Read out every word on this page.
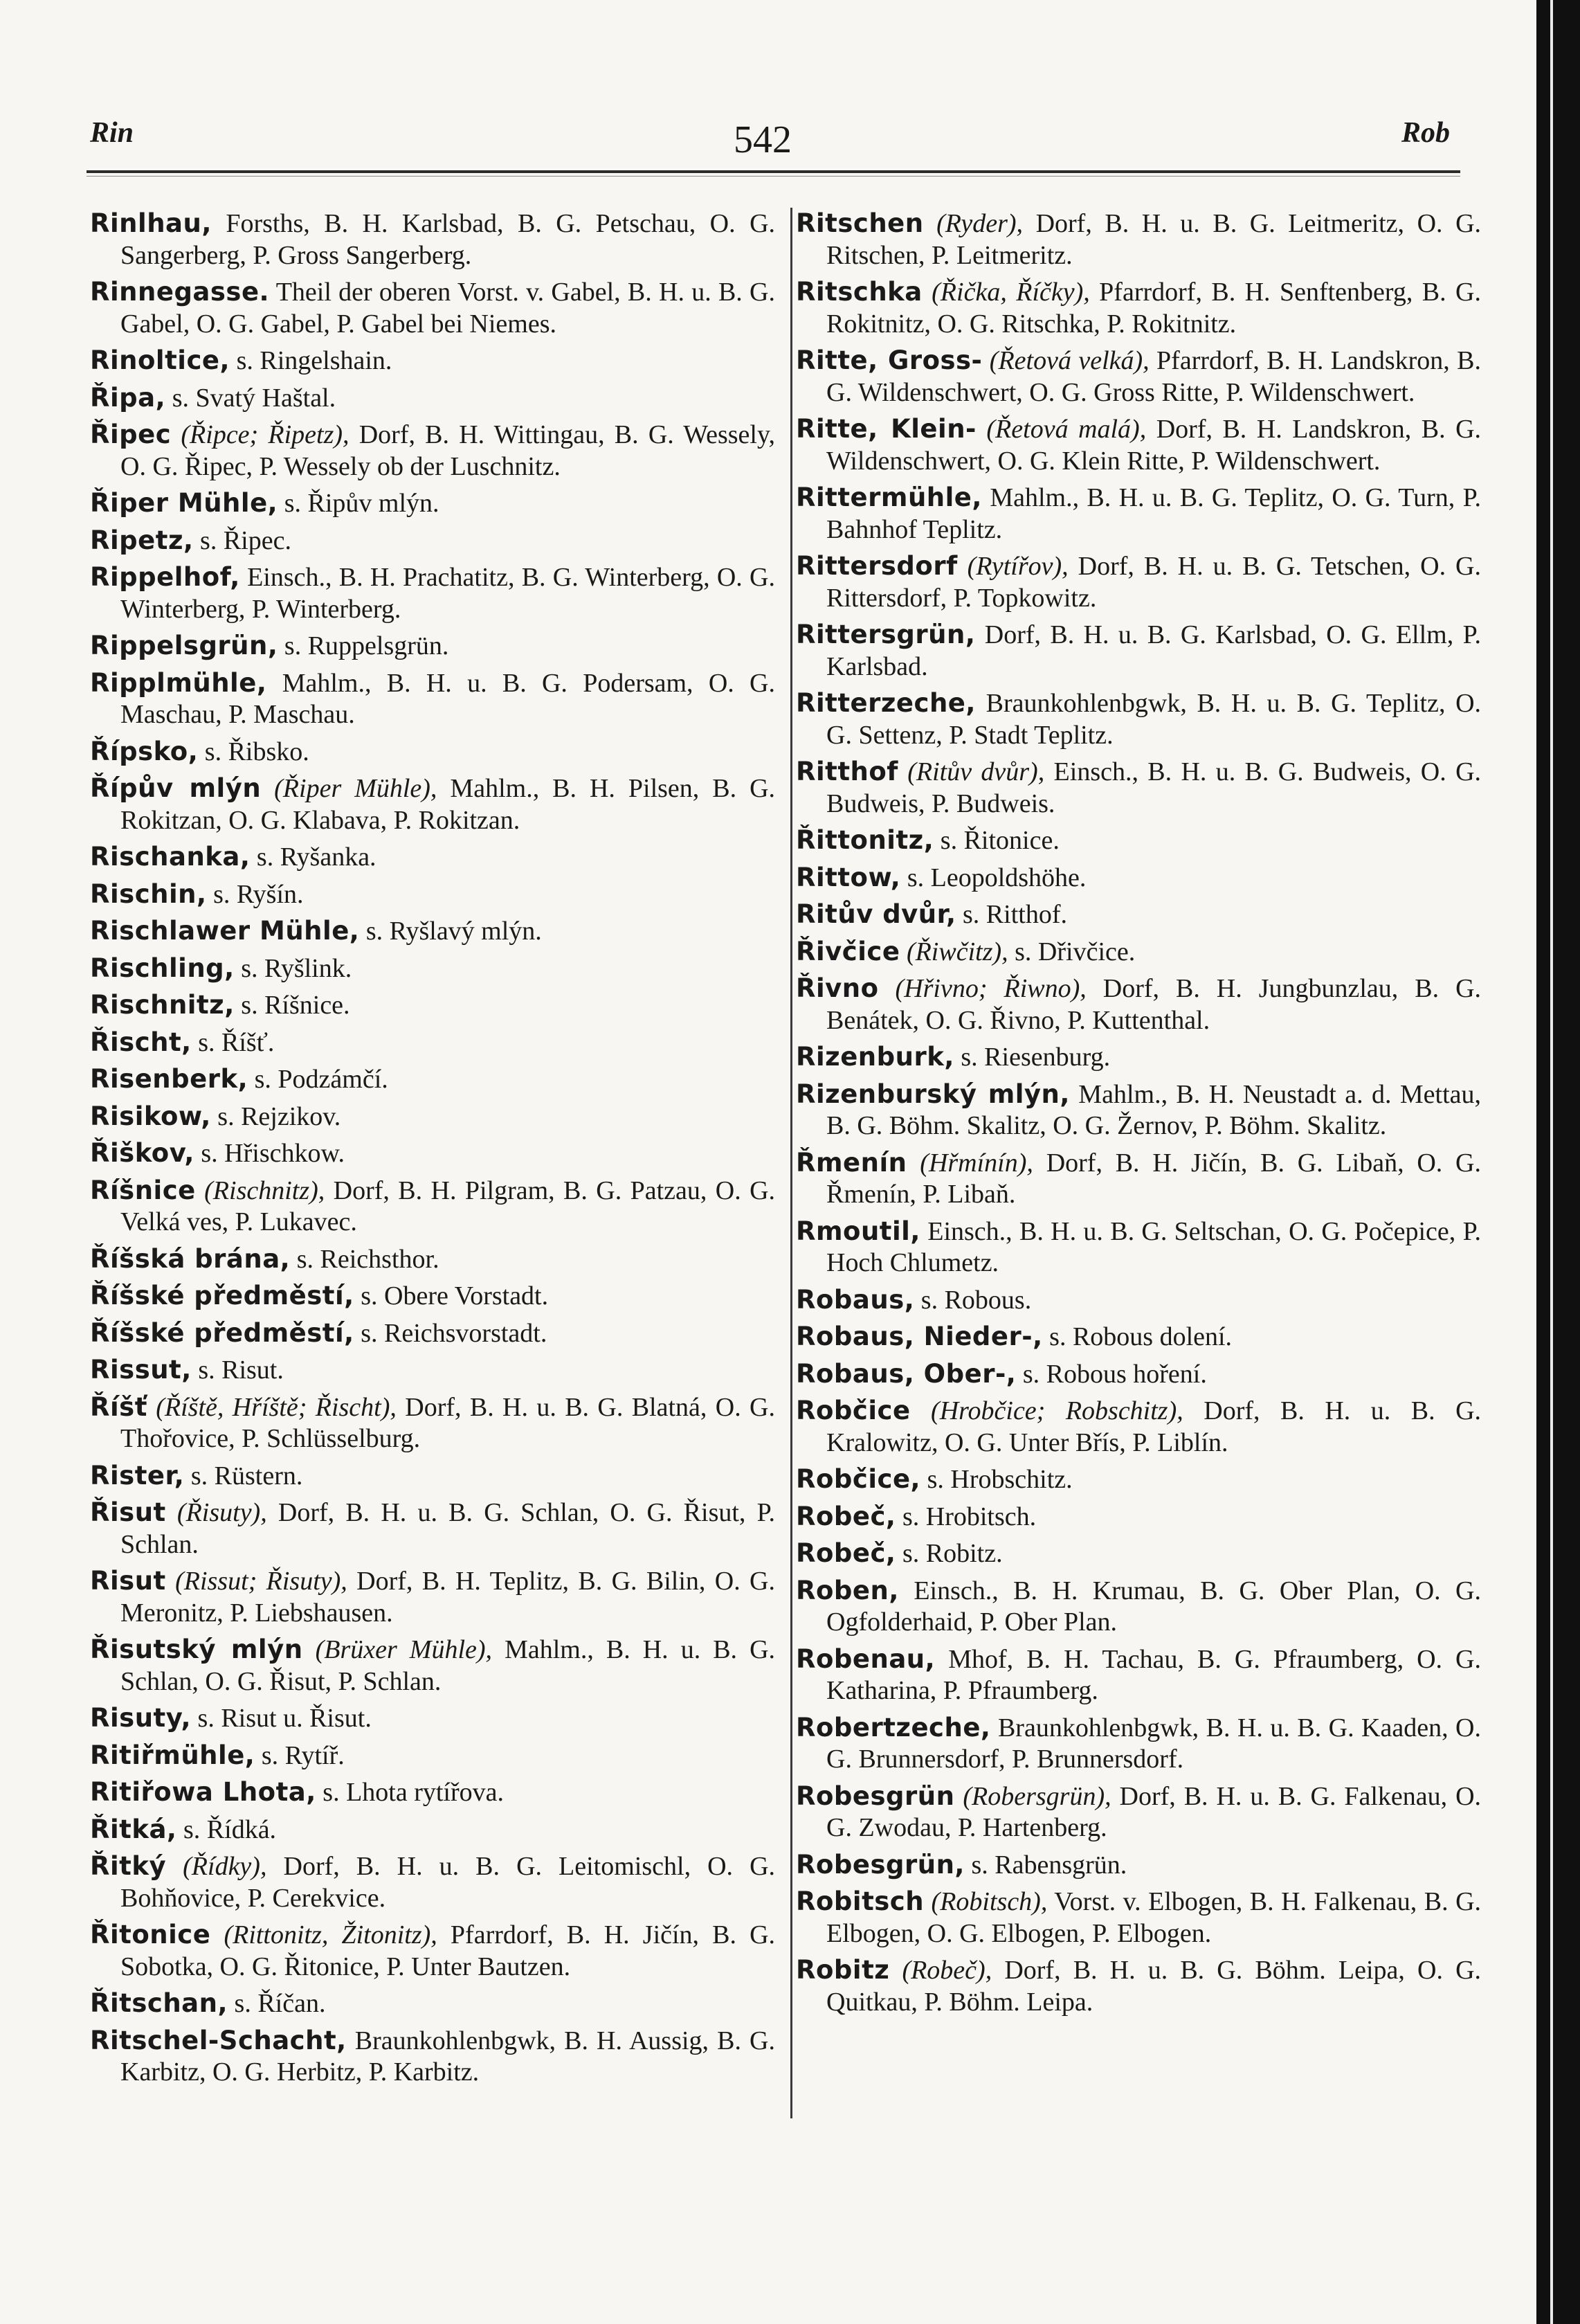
Rin	542	Rob

Rinlhau, Forsths, B. H. Karlsbad, B. G. Petschau, O. G. Sangerberg, P. Gross Sangerberg.

Rinnegasse. Theil der oberen Vorst. v. Gabel, B. H. u. B. G. Gabel, O. G. Gabel, P. Gabel bei Niemes.

Rinoltice, s. Ringelshain.

Řipa, s. Svatý Haštal.

Řipec (Řipce; Řipetz), Dorf, B. H. Wittingau, B. G. Wessely, O. G. Řipec, P. Wessely ob der Luschnitz.

Řiper Mühle, s. Řipův mlýn.

Ripetz, s. Řipec.

Rippelhof, Einsch., B. H. Prachatitz, B. G. Winterberg, O. G. Winterberg, P. Winterberg.

Rippelsgrün, s. Ruppelsgrün.

Ripplmühle, Mahlm., B. H. u. B. G. Podersam, O. G. Maschau, P. Maschau.

Řípsko, s. Řibsko.

Řípův mlýn (Řiper Mühle), Mahlm., B. H. Pilsen, B. G. Rokitzan, O. G. Klabava, P. Rokitzan.

Rischanka, s. Ryšanka.

Rischin, s. Ryšín.

Rischlawer Mühle, s. Ryšlavý mlýn.

Rischling, s. Ryšlink.

Rischnitz, s. Ríšnice.

Řischt, s. Říšť.

Risenberk, s. Podzámčí.

Risikow, s. Rejzikov.

Řiškov, s. Hřischkow.

Ríšnice (Rischnitz), Dorf, B. H. Pilgram, B. G. Patzau, O. G. Velká ves, P. Lukavec.

Říšská brána, s. Reichsthor.

Říšské předměstí, s. Obere Vorstadt.

Říšské předměstí, s. Reichsvorstadt.

Rissut, s. Risut.

Říšť (Říště, Hříště; Řischt), Dorf, B. H. u. B. G. Blatná, O. G. Thořovice, P. Schlüsselburg.

Rister, s. Rüstern.

Řisut (Řisuty), Dorf, B. H. u. B. G. Schlan, O. G. Řisut, P. Schlan.

Risut (Rissut; Řisuty), Dorf, B. H. Teplitz, B. G. Bilin, O. G. Meronitz, P. Liebshausen.

Řisutský mlýn (Brüxer Mühle), Mahlm., B. H. u. B. G. Schlan, O. G. Řisut, P. Schlan.

Risuty, s. Risut u. Řisut.

Ritiřmühle, s. Rytíř.

Ritiřowa Lhota, s. Lhota rytířova.

Řitká, s. Řídká.

Řitký (Řídky), Dorf, B. H. u. B. G. Leitomischl, O. G. Bohňovice, P. Cerekvice.

Řitonice (Rittonitz, Žitonitz), Pfarrdorf, B. H. Jičín, B. G. Sobotka, O. G. Řitonice, P. Unter Bautzen.

Řitschan, s. Říčan.

Ritschel-Schacht, Braunkohlenbgwk, B. H. Aussig, B. G. Karbitz, O. G. Herbitz, P. Karbitz.

Ritschen (Ryder), Dorf, B. H. u. B. G. Leitmeritz, O. G. Ritschen, P. Leitmeritz.

Ritschka (Řička, Říčky), Pfarrdorf, B. H. Senftenberg, B. G. Rokitnitz, O. G. Ritschka, P. Rokitnitz.

Ritte, Gross- (Řetová velká), Pfarrdorf, B. H. Landskron, B. G. Wildenschwert, O. G. Gross Ritte, P. Wildenschwert.

Ritte, Klein- (Řetová malá), Dorf, B. H. Landskron, B. G. Wildenschwert, O. G. Klein Ritte, P. Wildenschwert.

Rittermühle, Mahlm., B. H. u. B. G. Teplitz, O. G. Turn, P. Bahnhof Teplitz.

Rittersdorf (Rytířov), Dorf, B. H. u. B. G. Tetschen, O. G. Rittersdorf, P. Topkowitz.

Rittersgrün, Dorf, B. H. u. B. G. Karlsbad, O. G. Ellm, P. Karlsbad.

Ritterzeche, Braunkohlenbgwk, B. H. u. B. G. Teplitz, O. G. Settenz, P. Stadt Teplitz.

Ritthof (Ritův dvůr), Einsch., B. H. u. B. G. Budweis, O. G. Budweis, P. Budweis.

Řittonitz, s. Řitonice.

Rittow, s. Leopoldshöhe.

Ritův dvůr, s. Ritthof.

Řivčice (Řiwčitz), s. Dřivčice.

Řivno (Hřivno; Řiwno), Dorf, B. H. Jungbunzlau, B. G. Benátek, O. G. Řivno, P. Kuttenthal.

Rizenburk, s. Riesenburg.

Rizenburský mlýn, Mahlm., B. H. Neustadt a. d. Mettau, B. G. Böhm. Skalitz, O. G. Žernov, P. Böhm. Skalitz.

Řmenín (Hřmínín), Dorf, B. H. Jičín, B. G. Libaň, O. G. Řmenín, P. Libaň.

Rmoutil, Einsch., B. H. u. B. G. Seltschan, O. G. Počepice, P. Hoch Chlumetz.

Robaus, s. Robous.

Robaus, Nieder-, s. Robous dolení.

Robaus, Ober-, s. Robous hoření.

Robčice (Hrobčice; Robschitz), Dorf, B. H. u. B. G. Kralowitz, O. G. Unter Břís, P. Liblín.

Robčice, s. Hrobschitz.

Robeč, s. Hrobitsch.

Robeč, s. Robitz.

Roben, Einsch., B. H. Krumau, B. G. Ober Plan, O. G. Ogfolderhaid, P. Ober Plan.

Robenau, Mhof, B. H. Tachau, B. G. Pfraumberg, O. G. Katharina, P. Pfraumberg.

Robertzeche, Braunkohlenbgwk, B. H. u. B. G. Kaaden, O. G. Brunnersdorf, P. Brunnersdorf.

Robesgrün (Robersgrün), Dorf, B. H. u. B. G. Falkenau, O. G. Zwodau, P. Hartenberg.

Robesgrün, s. Rabensgrün.

Robitsch (Robitsch), Vorst. v. Elbogen, B. H. Falkenau, B. G. Elbogen, O. G. Elbogen, P. Elbogen.

Robitz (Robeč), Dorf, B. H. u. B. G. Böhm. Leipa, O. G. Quitkau, P. Böhm. Leipa.
